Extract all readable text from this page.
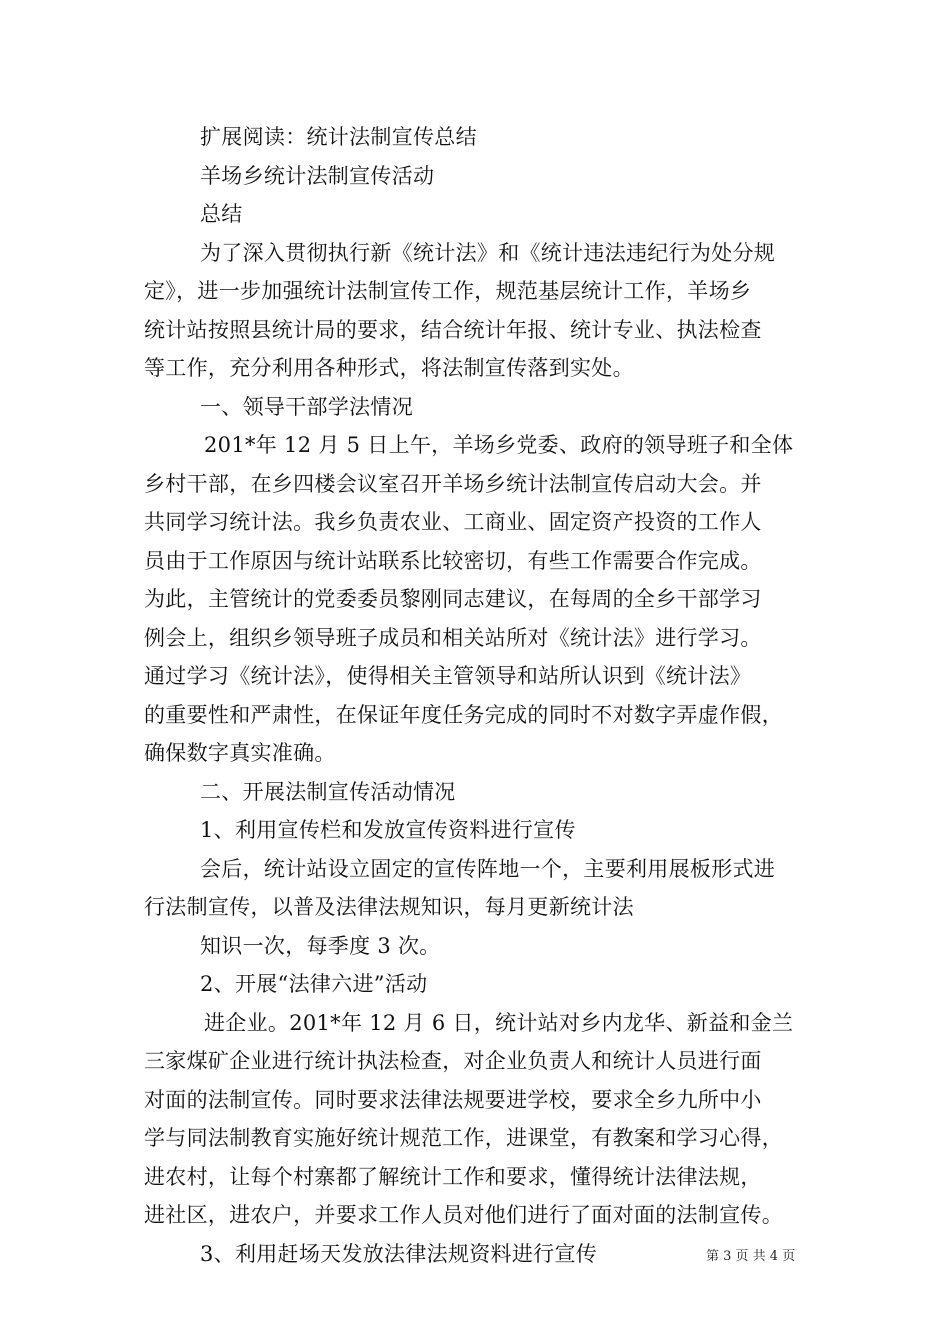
扩展阅读：统计法制宣传总结
羊场乡统计法制宣传活动
总结
为了深入贯彻执行新《统计法》和《统计违法违纪行为处分规
定》，进一步加强统计法制宣传工作，规范基层统计工作，羊场乡
统计站按照县统计局的要求，结合统计年报、统计专业、执法检查
等工作，充分利用各种形式，将法制宣传落到实处。
一、领导干部学法情况
201*年 12 月 5 日上午，羊场乡党委、政府的领导班子和全体
乡村干部，在乡四楼会议室召开羊场乡统计法制宣传启动大会。并
共同学习统计法。我乡负责农业、工商业、固定资产投资的工作人
员由于工作原因与统计站联系比较密切，有些工作需要合作完成。
为此，主管统计的党委委员黎刚同志建议，在每周的全乡干部学习
例会上，组织乡领导班子成员和相关站所对《统计法》进行学习。
通过学习《统计法》，使得相关主管领导和站所认识到《统计法》
的重要性和严肃性，在保证年度任务完成的同时不对数字弄虚作假，
确保数字真实准确。
二、开展法制宣传活动情况
1、利用宣传栏和发放宣传资料进行宣传
会后，统计站设立固定的宣传阵地一个，主要利用展板形式进
行法制宣传，以普及法律法规知识，每月更新统计法
知识一次，每季度 3 次。
2、开展“法律六进”活动
进企业。201*年 12 月 6 日，统计站对乡内龙华、新益和金兰
三家煤矿企业进行统计执法检查，对企业负责人和统计人员进行面
对面的法制宣传。同时要求法律法规要进学校，要求全乡九所中小
学与同法制教育实施好统计规范工作，进课堂，有教案和学习心得，
进农村，让每个村寨都了解统计工作和要求，懂得统计法律法规，
进社区，进农户，并要求工作人员对他们进行了面对面的法制宣传。
3、利用赶场天发放法律法规资料进行宣传	第 3 页 共 4 页
